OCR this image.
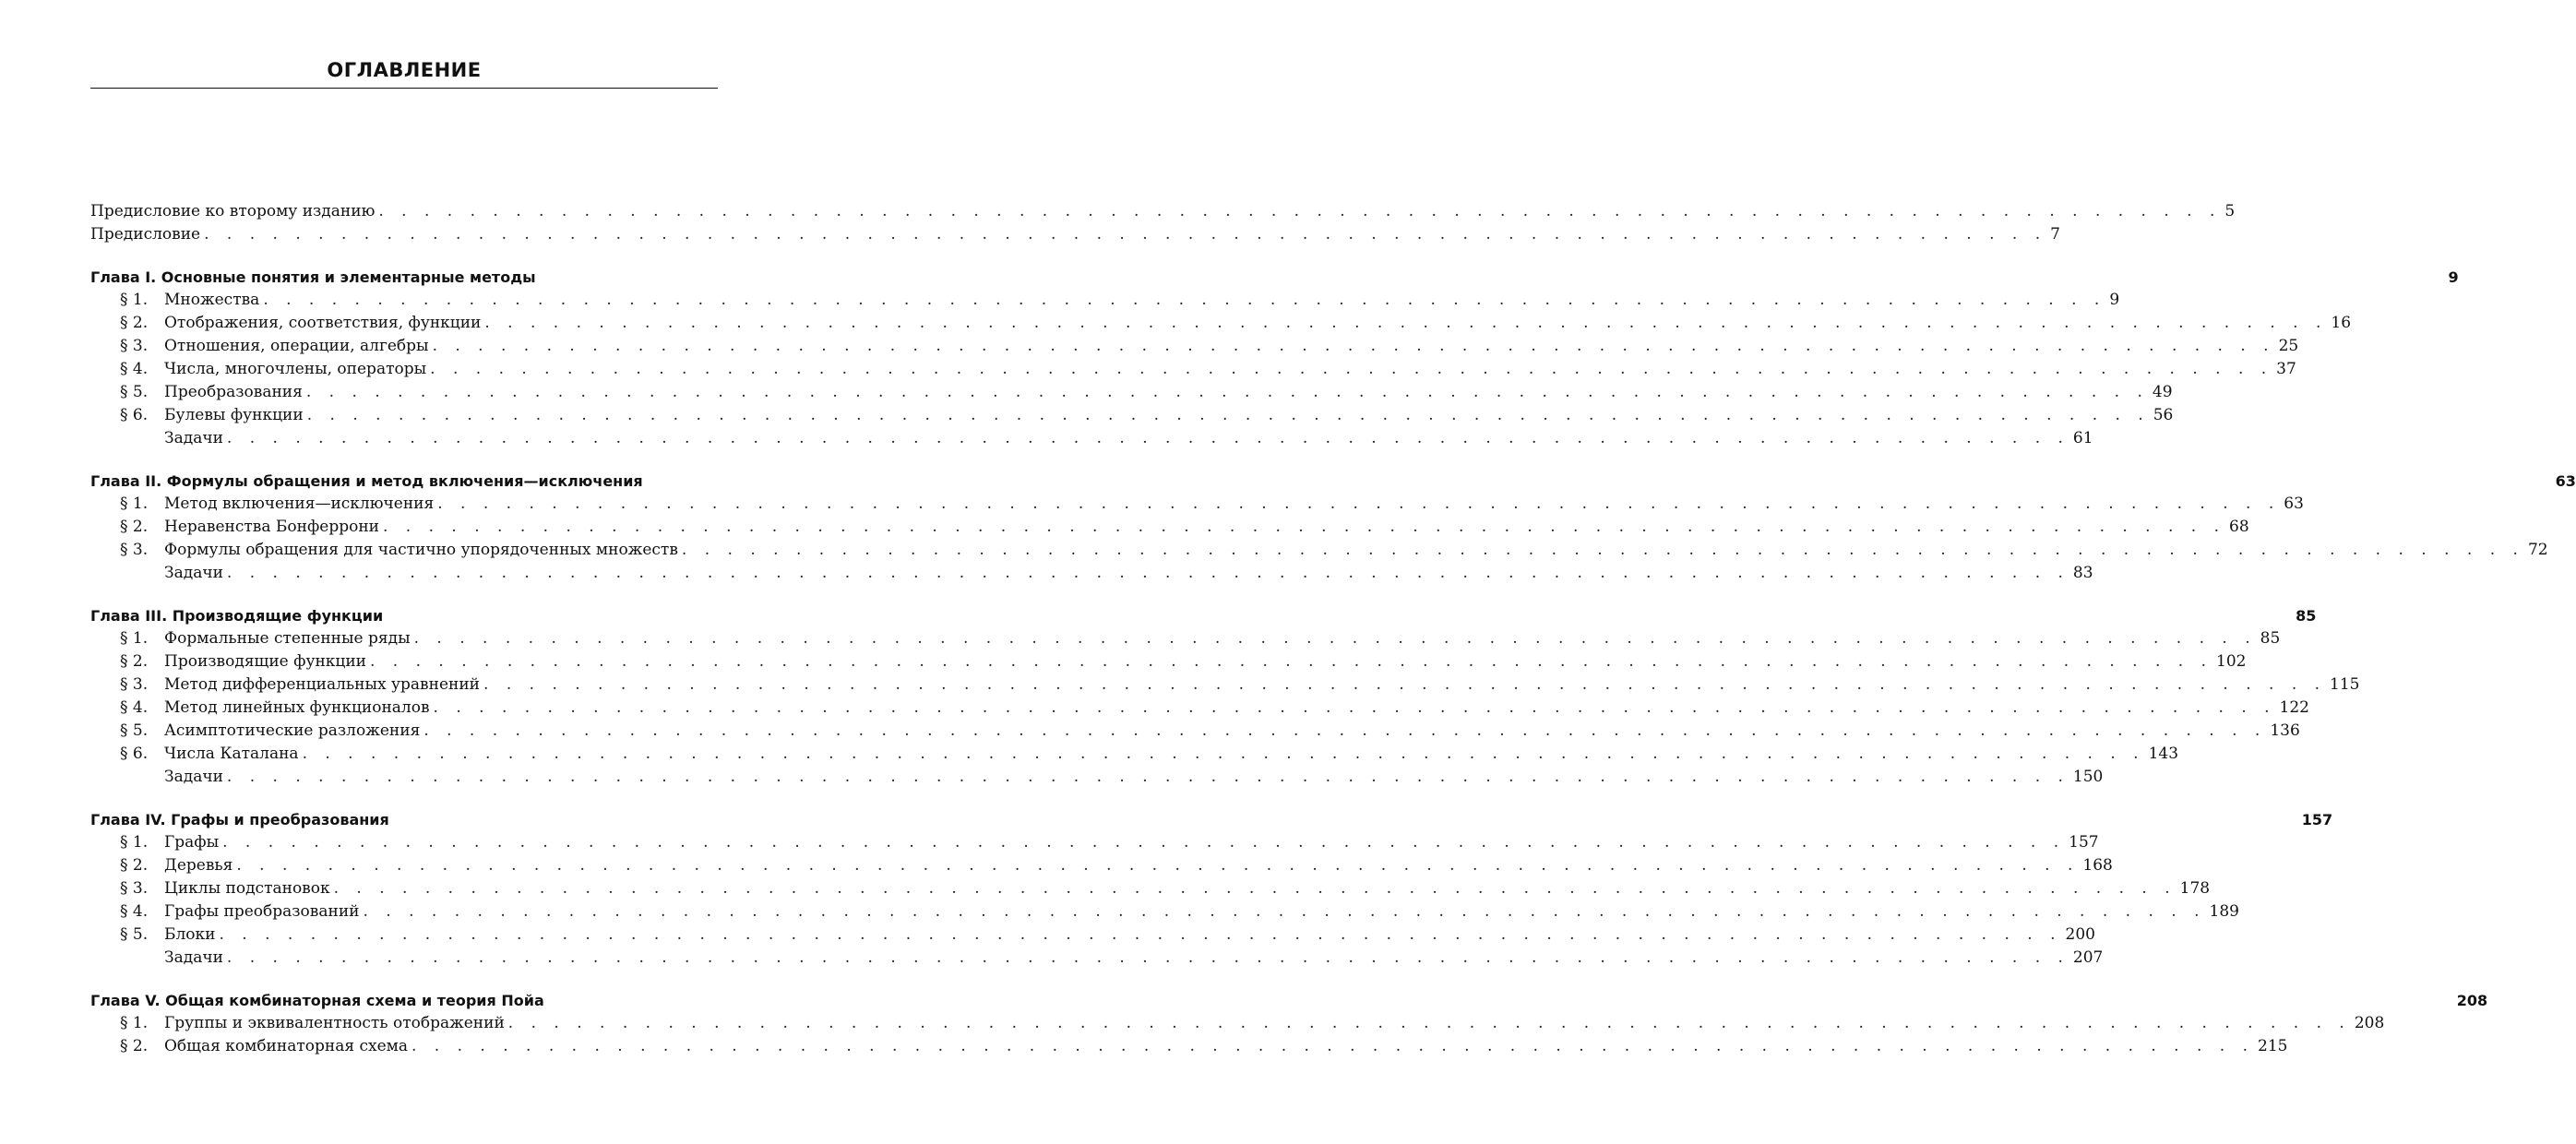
ОГЛАВЛЕНИЕ
Предисловие ко второму изданию . . .	5
Предисловие . . .	7
Глава I. Основные понятия и элементарные методы	9
§ 1.	Множества . . .	9
§ 2.	Отображения, соответствия, функции . . .	16
§ 3.	Отношения, операции, алгебры . . .	25
§ 4.	Числа, многочлены, операторы . . .	37
§ 5.	Преобразования . . .	49
§ 6.	Булевы функции . . .	56
Задачи . . .	61
Глава II. Формулы обращения и метод включения—исключения	63
§ 1.	Метод включения—исключения . . .	63
§ 2.	Неравенства Бонферрони . . .	68
§ 3.	Формулы обращения для частично упорядоченных множеств . . .	72
Задачи . . .	83
Глава III. Производящие функции	85
§ 1.	Формальные степенные ряды . . .	85
§ 2.	Производящие функции . . .	102
§ 3.	Метод дифференциальных уравнений . . .	115
§ 4.	Метод линейных функционалов . . .	122
§ 5.	Асимптотические разложения . . .	136
§ 6.	Числа Каталана . . .	143
Задачи . . .	150
Глава IV. Графы и преобразования	157
§ 1.	Графы . . .	157
§ 2.	Деревья . . .	168
§ 3.	Циклы подстановок . . .	178
§ 4.	Графы преобразований . . .	189
§ 5.	Блоки . . .	200
Задачи . . .	207
Глава V. Общая комбинаторная схема и теория Пойа	208
§ 1.	Группы и эквивалентность отображений . . .	208
§ 2.	Общая комбинаторная схема . . .	215
